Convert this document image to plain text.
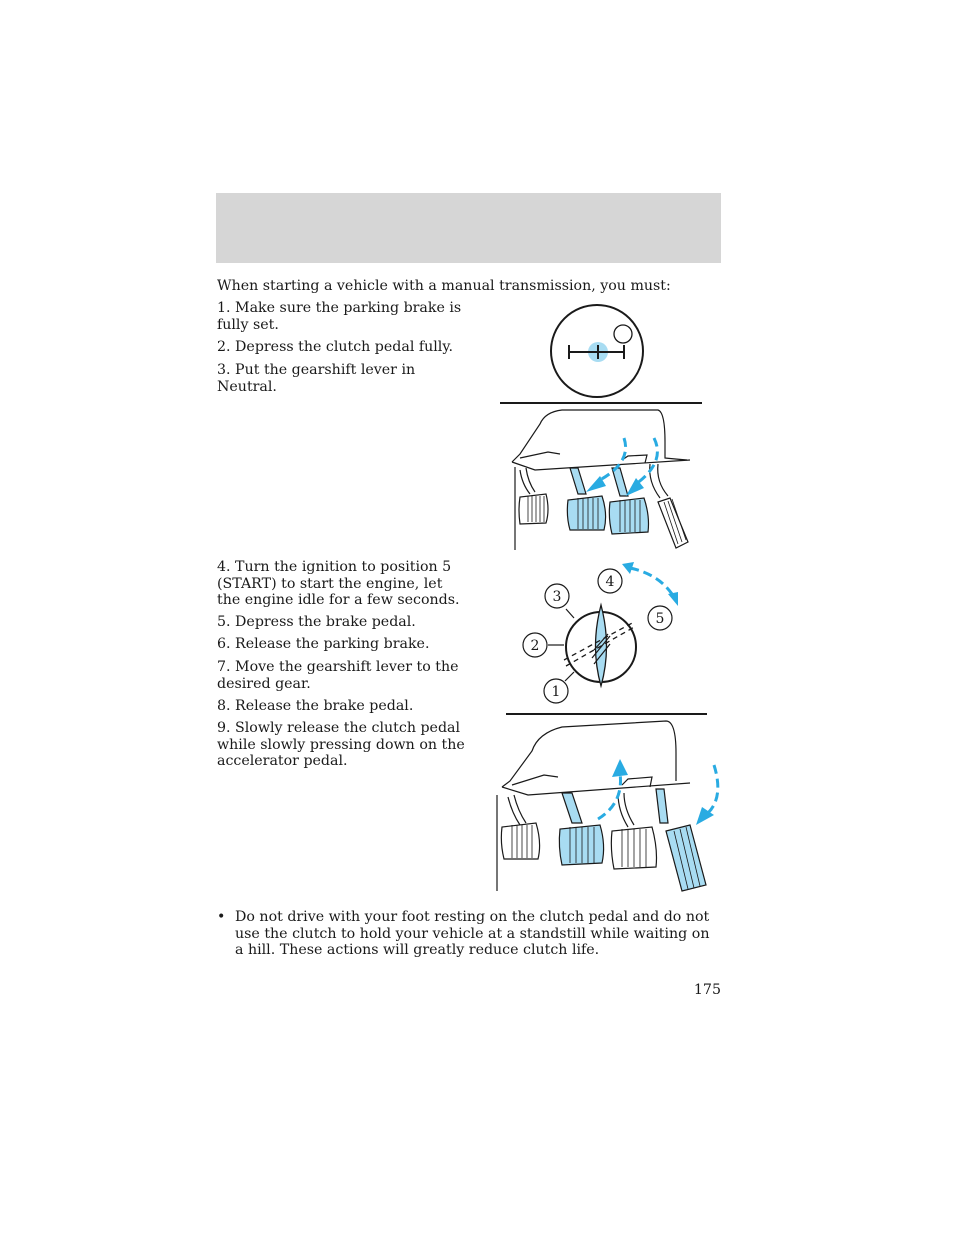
When starting a vehicle with a manual transmission, you must:

1. Make sure the parking brake is fully set.

2. Depress the clutch pedal fully.

3. Put the gearshift lever in Neutral.

4. Turn the ignition to position 5 (START) to start the engine, let the engine idle for a few seconds.

5. Depress the brake pedal.

6. Release the parking brake.

7. Move the gearshift lever to the desired gear.

8. Release the brake pedal.

9. Slowly release the clutch pedal while slowly pressing down on the accelerator pedal.

1
2
3
4
5
• Do not drive with your foot resting on the clutch pedal and do not use the clutch to hold your vehicle at a standstill while waiting on a hill. These actions will greatly reduce clutch life.
175
